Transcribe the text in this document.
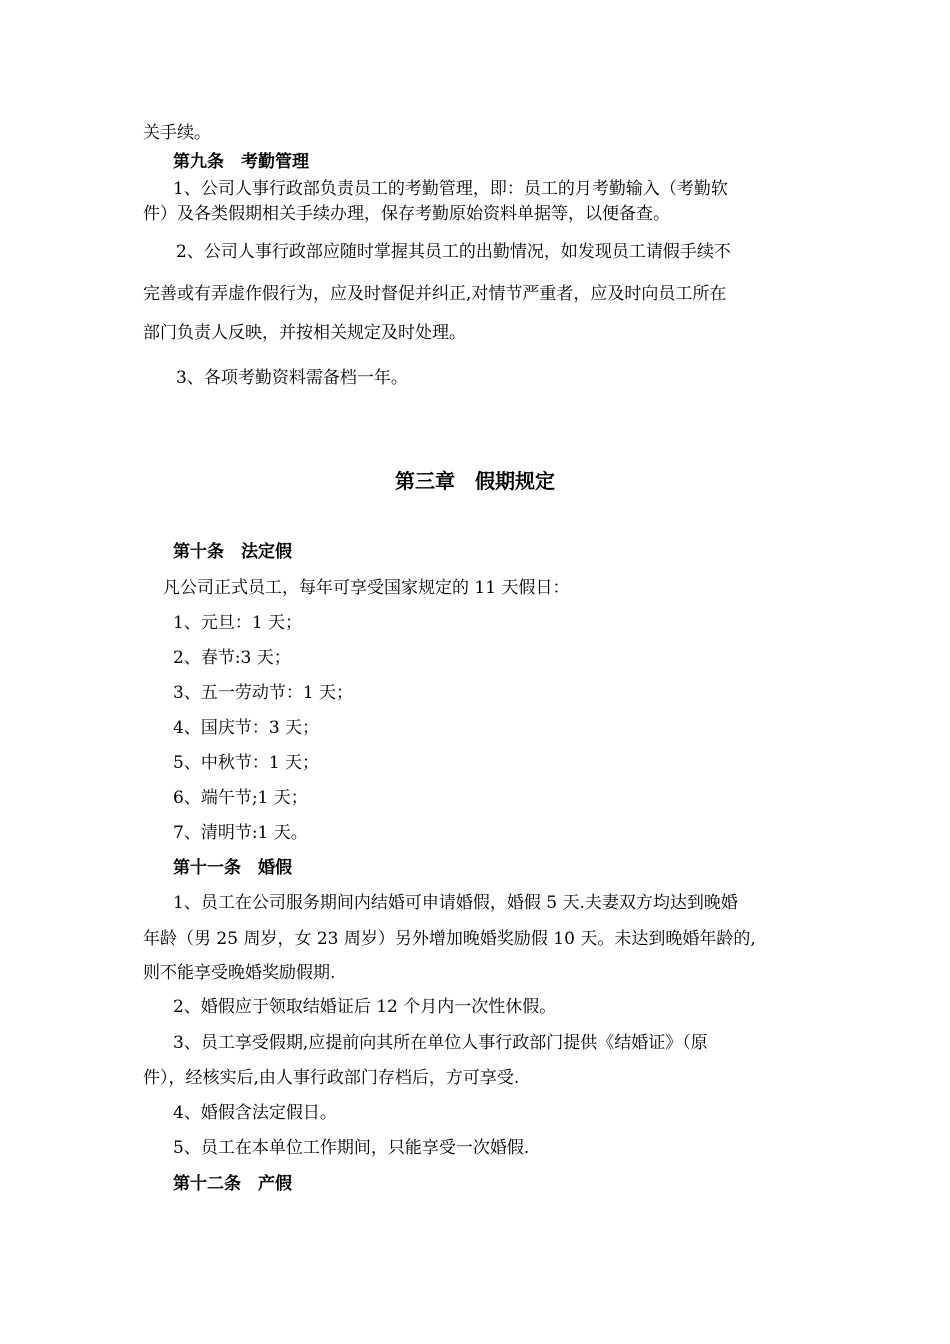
关手续。
第九条　考勤管理
1、公司人事行政部负责员工的考勤管理，即：员工的月考勤输入（考勤软
件）及各类假期相关手续办理，保存考勤原始资料单据等，以便备查。
2、公司人事行政部应随时掌握其员工的出勤情况，如发现员工请假手续不
完善或有弄虚作假行为，应及时督促并纠正,对情节严重者，应及时向员工所在
部门负责人反映，并按相关规定及时处理。
3、各项考勤资料需备档一年。
第三章　假期规定
第十条　法定假
凡公司正式员工，每年可享受国家规定的 11 天假日：
1、元旦：1 天；
2、春节:3 天；
3、五一劳动节：1 天；
4、国庆节：3 天；
5、中秋节：1 天；
6、端午节;1 天；
7、清明节:1 天。
第十一条　婚假
1、员工在公司服务期间内结婚可申请婚假，婚假 5 天.夫妻双方均达到晚婚
年龄（男 25 周岁，女 23 周岁）另外增加晚婚奖励假 10 天。未达到晚婚年龄的,
则不能享受晚婚奖励假期.
2、婚假应于领取结婚证后 12 个月内一次性休假。
3、员工享受假期,应提前向其所在单位人事行政部门提供《结婚证》（原
件），经核实后,由人事行政部门存档后，方可享受.
4、婚假含法定假日。
5、员工在本单位工作期间，只能享受一次婚假.
第十二条　产假
